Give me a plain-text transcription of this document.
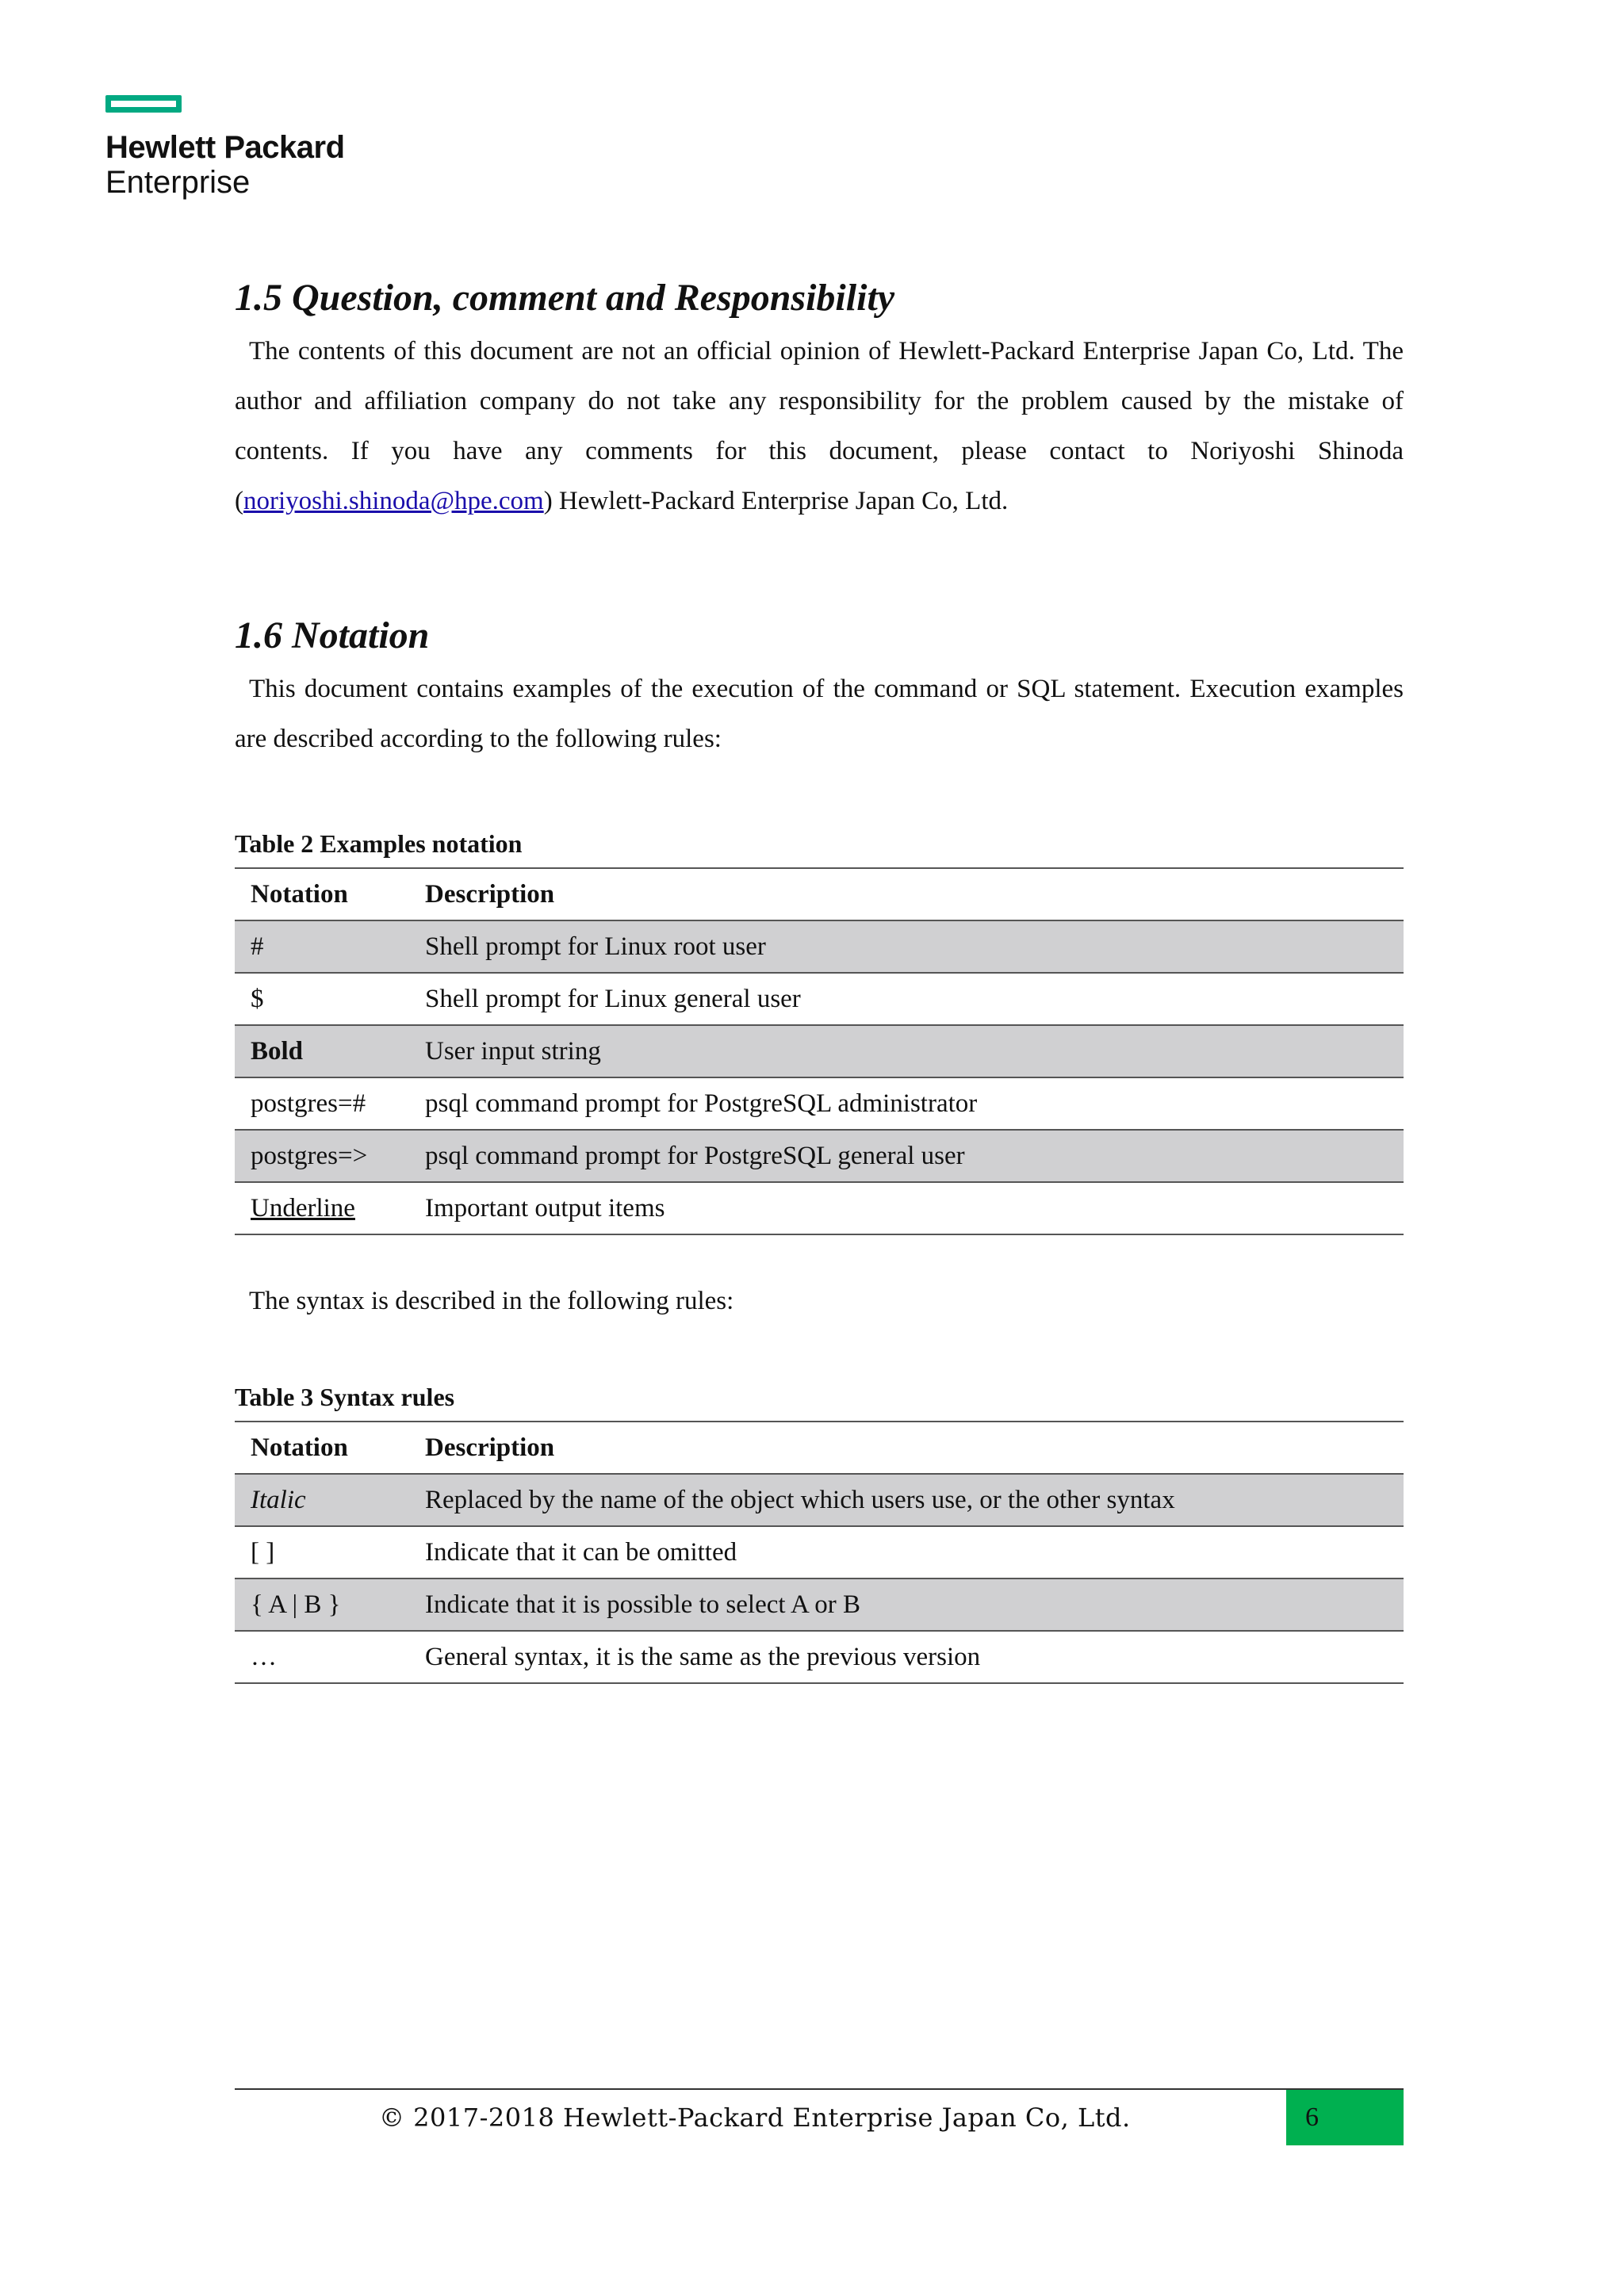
Hewlett Packard
Enterprise
1.5 Question, comment and Responsibility

The contents of this document are not an official opinion of Hewlett-Packard Enterprise Japan Co, Ltd. The author and affiliation company do not take any responsibility for the problem caused by the mistake of contents. If you have any comments for this document, please contact to Noriyoshi Shinoda (noriyoshi.shinoda@hpe.com) Hewlett-Packard Enterprise Japan Co, Ltd.

1.6 Notation

This document contains examples of the execution of the command or SQL statement. Execution examples are described according to the following rules:

Table 2 Examples notation
Notation	Description
#	Shell prompt for Linux root user
$	Shell prompt for Linux general user
Bold	User input string
postgres=#	psql command prompt for PostgreSQL administrator
postgres=>	psql command prompt for PostgreSQL general user
Underline	Important output items

The syntax is described in the following rules:

Table 3 Syntax rules
Notation	Description
Italic	Replaced by the name of the object which users use, or the other syntax
[ ]	Indicate that it can be omitted
{ A | B }	Indicate that it is possible to select A or B
…	General syntax, it is the same as the previous version
© 2017-2018 Hewlett-Packard Enterprise Japan Co, Ltd.	6
